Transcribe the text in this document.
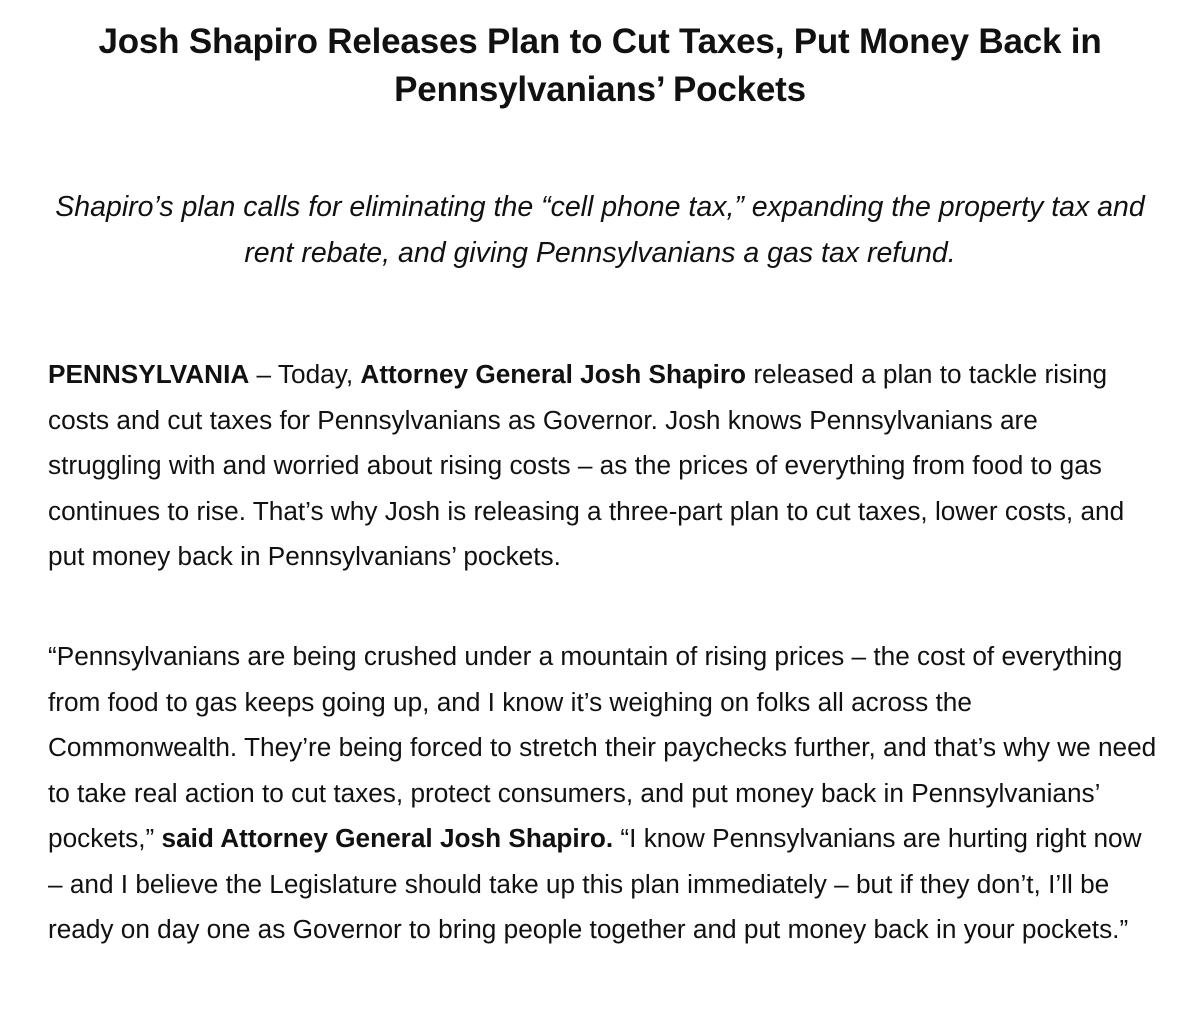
Josh Shapiro Releases Plan to Cut Taxes, Put Money Back in Pennsylvanians’ Pockets

Shapiro’s plan calls for eliminating the “cell phone tax,” expanding the property tax and rent rebate, and giving Pennsylvanians a gas tax refund.

PENNSYLVANIA – Today, Attorney General Josh Shapiro released a plan to tackle rising costs and cut taxes for Pennsylvanians as Governor. Josh knows Pennsylvanians are struggling with and worried about rising costs – as the prices of everything from food to gas continues to rise. That’s why Josh is releasing a three-part plan to cut taxes, lower costs, and put money back in Pennsylvanians’ pockets.

“Pennsylvanians are being crushed under a mountain of rising prices – the cost of everything from food to gas keeps going up, and I know it’s weighing on folks all across the Commonwealth. They’re being forced to stretch their paychecks further, and that’s why we need to take real action to cut taxes, protect consumers, and put money back in Pennsylvanians’ pockets,” said Attorney General Josh Shapiro. “I know Pennsylvanians are hurting right now – and I believe the Legislature should take up this plan immediately – but if they don’t, I’ll be ready on day one as Governor to bring people together and put money back in your pockets.”
